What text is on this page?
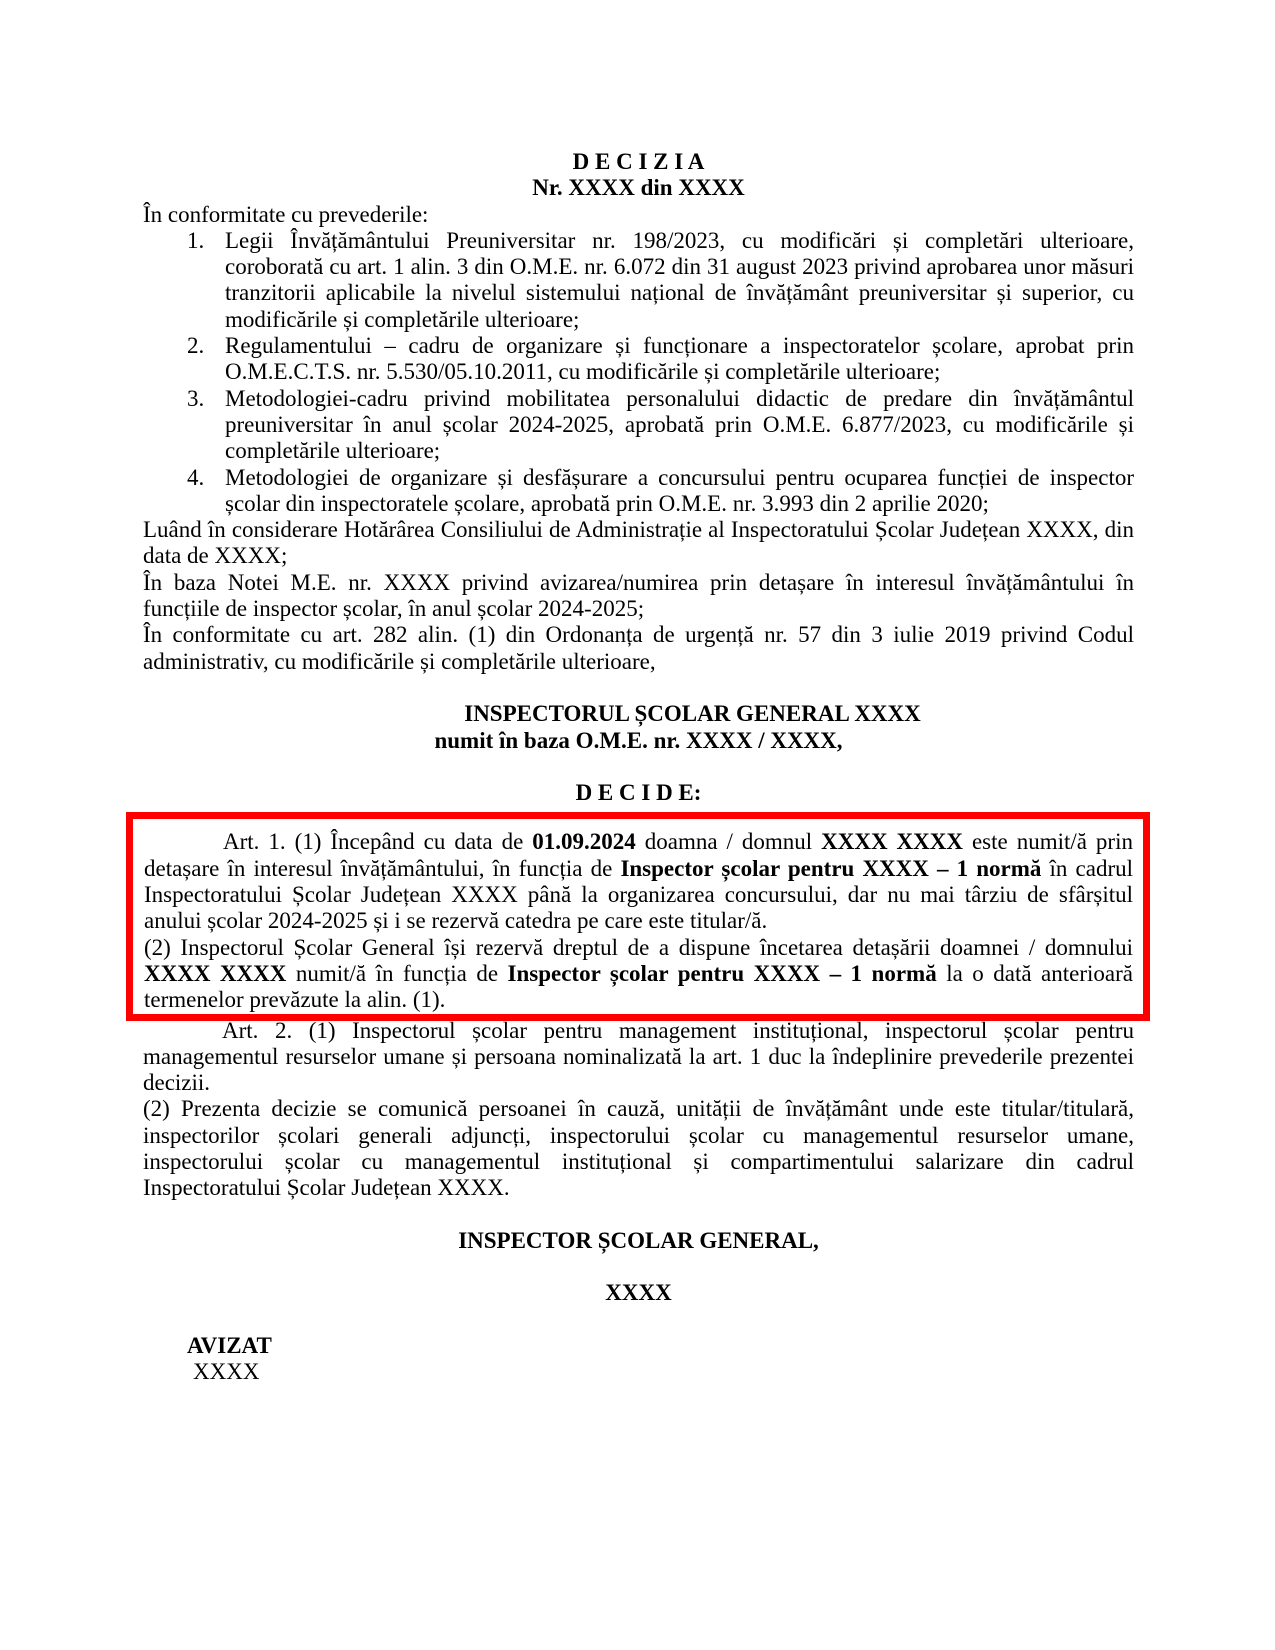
D E C I Z I A
Nr. XXXX din XXXX

În conformitate cu prevederile:

1. Legii Învățământului Preuniversitar nr. 198/2023, cu modificări și completări ulterioare, coroborată cu art. 1 alin. 3 din O.M.E. nr. 6.072 din 31 august 2023 privind aprobarea unor măsuri tranzitorii aplicabile la nivelul sistemului național de învățământ preuniversitar și superior, cu modificările și completările ulterioare;
2. Regulamentului – cadru de organizare și funcționare a inspectoratelor școlare, aprobat prin O.M.E.C.T.S. nr. 5.530/05.10.2011, cu modificările și completările ulterioare;
3. Metodologiei-cadru privind mobilitatea personalului didactic de predare din învățământul preuniversitar în anul școlar 2024-2025, aprobată prin O.M.E. 6.877/2023, cu modificările și completările ulterioare;
4. Metodologiei de organizare și desfășurare a concursului pentru ocuparea funcției de inspector școlar din inspectoratele școlare, aprobată prin O.M.E. nr. 3.993 din 2 aprilie 2020;

Luând în considerare Hotărârea Consiliului de Administrație al Inspectoratului Școlar Județean XXXX, din data de XXXX;

În baza Notei M.E. nr. XXXX privind avizarea/numirea prin detașare în interesul învățământului în funcțiile de inspector școlar, în anul școlar 2024-2025;

În conformitate cu art. 282 alin. (1) din Ordonanța de urgență nr. 57 din 3 iulie 2019 privind Codul administrativ, cu modificările și completările ulterioare,

INSPECTORUL ȘCOLAR GENERAL XXXX
numit în baza O.M.E. nr. XXXX / XXXX,
D E C I D E:

Art. 1. (1) Începând cu data de 01.09.2024 doamna / domnul XXXX XXXX este numit/ă prin detașare în interesul învățământului, în funcția de Inspector școlar pentru XXXX – 1 normă în cadrul Inspectoratului Școlar Județean XXXX până la organizarea concursului, dar nu mai târziu de sfârșitul anului școlar 2024-2025 și i se rezervă catedra pe care este titular/ă.

(2) Inspectorul Școlar General își rezervă dreptul de a dispune încetarea detașării doamnei / domnului XXXX XXXX numit/ă în funcția de Inspector școlar pentru XXXX – 1 normă la o dată anterioară termenelor prevăzute la alin. (1).

Art. 2. (1) Inspectorul școlar pentru management instituțional, inspectorul școlar pentru managementul resurselor umane și persoana nominalizată la art. 1 duc la îndeplinire prevederile prezentei decizii.

(2) Prezenta decizie se comunică persoanei în cauză, unității de învățământ unde este titular/titulară, inspectorilor școlari generali adjuncți, inspectorului școlar cu managementul resurselor umane, inspectorului școlar cu managementul instituțional și compartimentului salarizare din cadrul Inspectoratului Școlar Județean XXXX.

INSPECTOR ȘCOLAR GENERAL,
XXXX
AVIZAT
XXXX
